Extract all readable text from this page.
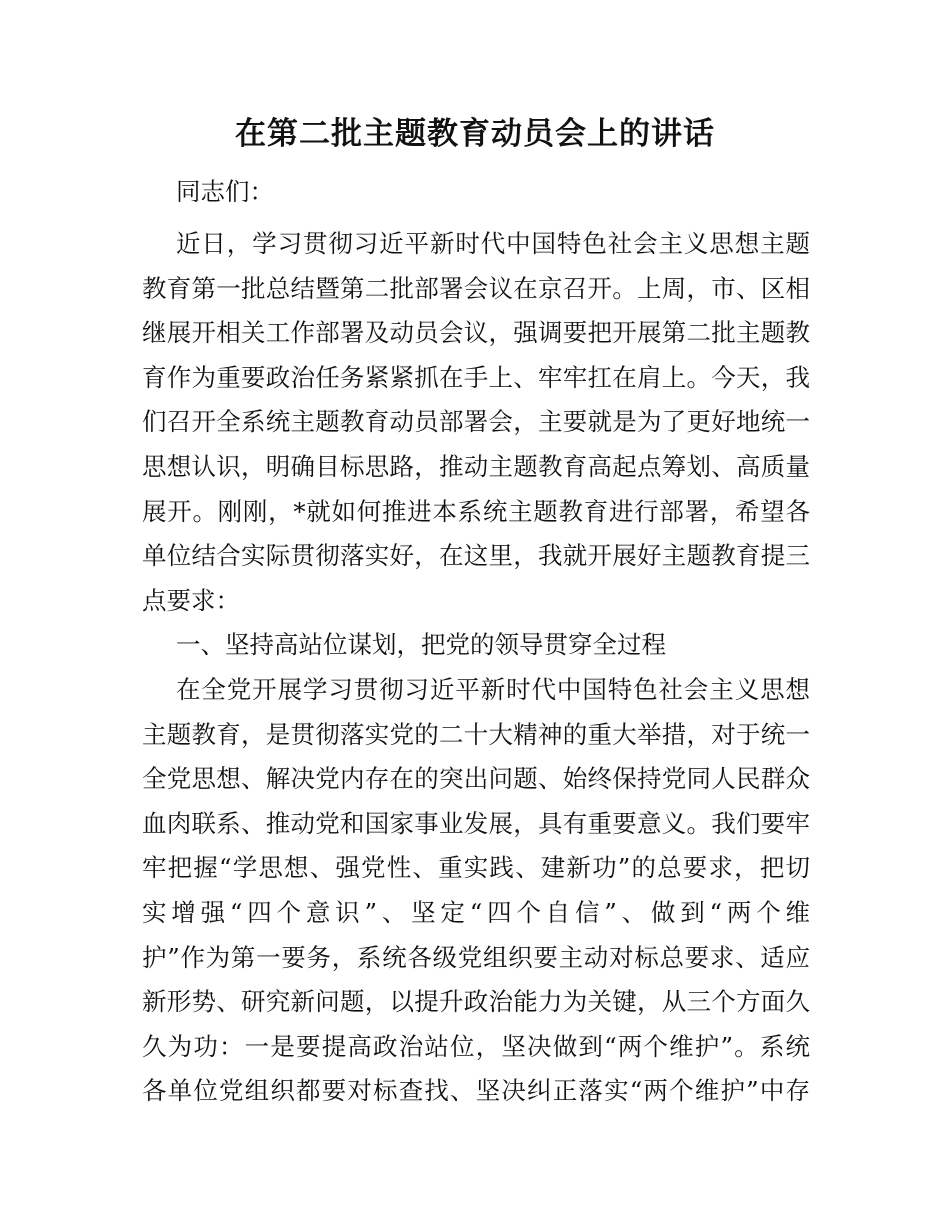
在第二批主题教育动员会上的讲话
同志们：
近日，学习贯彻习近平新时代中国特色社会主义思想主题
教育第一批总结暨第二批部署会议在京召开。上周，市、区相
继展开相关工作部署及动员会议，强调要把开展第二批主题教
育作为重要政治任务紧紧抓在手上、牢牢扛在肩上。今天，我
们召开全系统主题教育动员部署会，主要就是为了更好地统一
思想认识，明确目标思路，推动主题教育高起点筹划、高质量
展开。刚刚，*就如何推进本系统主题教育进行部署，希望各
单位结合实际贯彻落实好，在这里，我就开展好主题教育提三
点要求：
一、坚持高站位谋划，把党的领导贯穿全过程
在全党开展学习贯彻习近平新时代中国特色社会主义思想
主题教育，是贯彻落实党的二十大精神的重大举措，对于统一
全党思想、解决党内存在的突出问题、始终保持党同人民群众
血肉联系、推动党和国家事业发展，具有重要意义。我们要牢
牢把握“学思想、强党性、重实践、建新功”的总要求，把切
实增强“四个意识”、坚定“四个自信”、做到“两个维
护”作为第一要务，系统各级党组织要主动对标总要求、适应
新形势、研究新问题，以提升政治能力为关键，从三个方面久
久为功：一是要提高政治站位，坚决做到“两个维护”。系统
各单位党组织都要对标查找、坚决纠正落实“两个维护”中存
